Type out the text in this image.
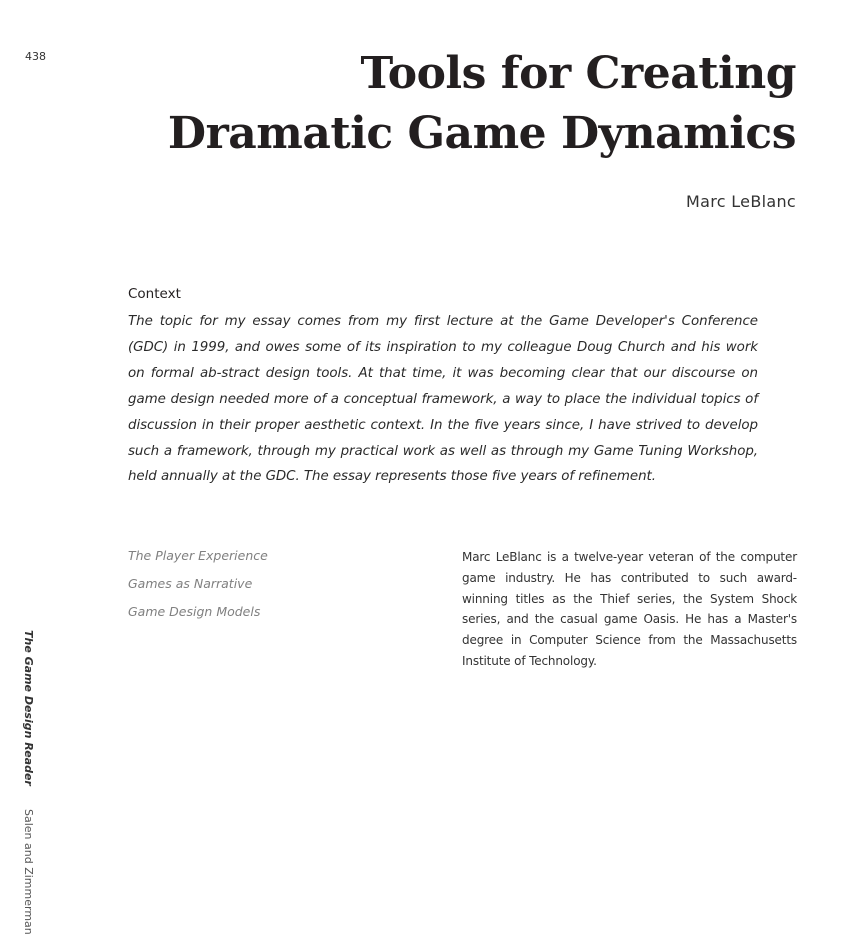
438	Tools for Creating
Dramatic Game Dynamics
Marc LeBlanc
Context

The topic for my essay comes from my first lecture at the Game Developer's Conference (GDC) in 1999, and owes some of its inspiration to my colleague Doug Church and his work on formal ab-stract design tools. At that time, it was becoming clear that our discourse on game design needed more of a conceptual framework, a way to place the individual topics of discussion in their proper aesthetic context. In the five years since, I have strived to develop such a framework, through my practical work as well as through my Game Tuning Workshop, held annually at the GDC. The essay represents those five years of refinement.

The Player Experience
Games as Narrative
Game Design Models

Marc LeBlanc is a twelve-year veteran of the computer game industry. He has contributed to such award-winning titles as the Thief series, the System Shock series, and the casual game Oasis. He has a Master's degree in Computer Science from the Massachusetts Institute of Technology.

The Game Design Reader Salen and Zimmerman
